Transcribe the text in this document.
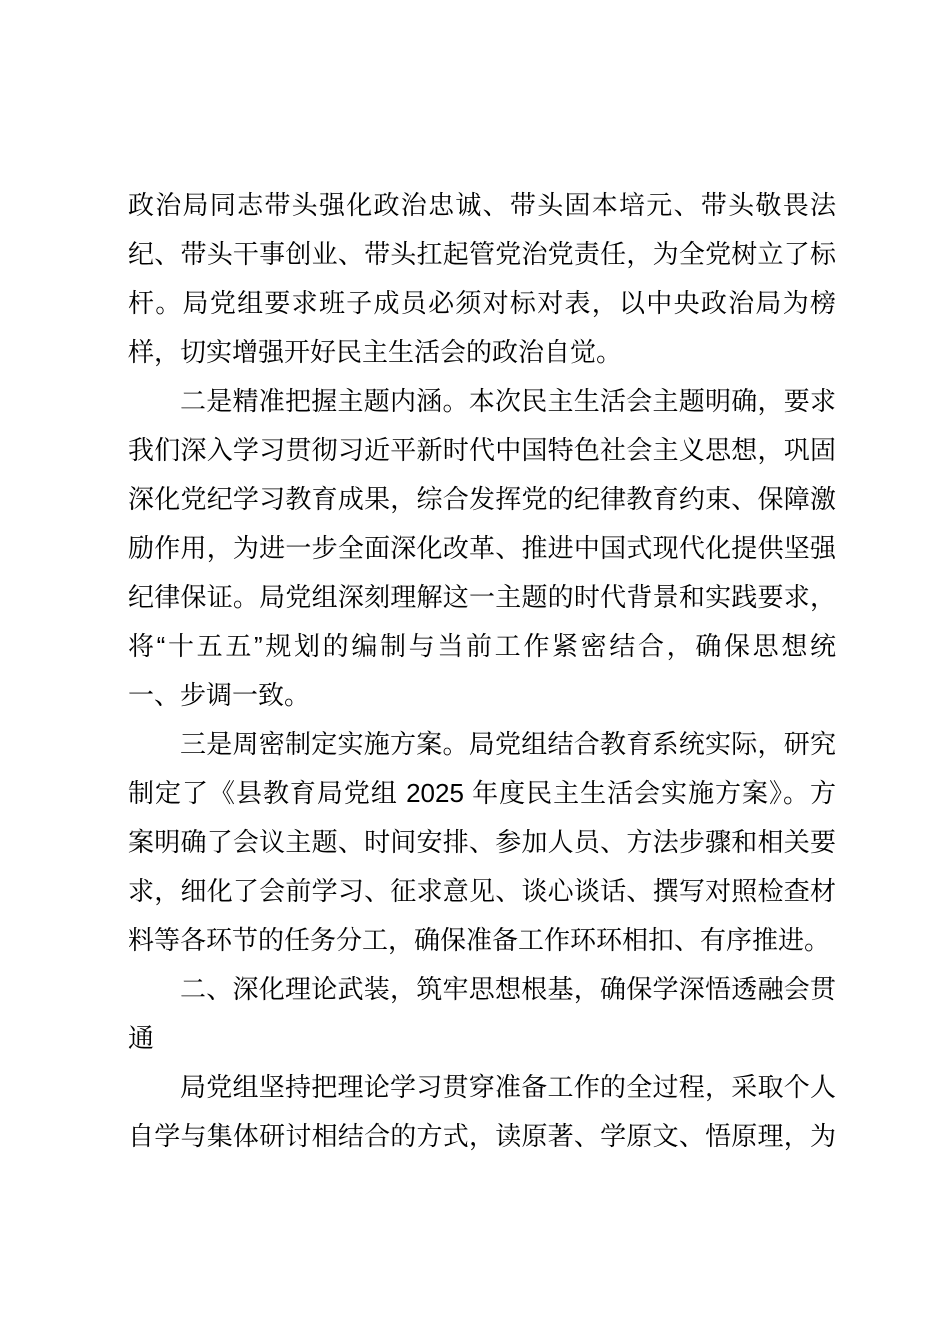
政治局同志带头强化政治忠诚、带头固本培元、带头敬畏法
纪、带头干事创业、带头扛起管党治党责任，为全党树立了标
杆。局党组要求班子成员必须对标对表，以中央政治局为榜
样，切实增强开好民主生活会的政治自觉。
二是精准把握主题内涵。本次民主生活会主题明确，要求
我们深入学习贯彻习近平新时代中国特色社会主义思想，巩固
深化党纪学习教育成果，综合发挥党的纪律教育约束、保障激
励作用，为进一步全面深化改革、推进中国式现代化提供坚强
纪律保证。局党组深刻理解这一主题的时代背景和实践要求，
将“十五五”规划的编制与当前工作紧密结合，确保思想统
一、步调一致。
三是周密制定实施方案。局党组结合教育系统实际，研究
制定了《县教育局党组 2025 年度民主生活会实施方案》。方
案明确了会议主题、时间安排、参加人员、方法步骤和相关要
求，细化了会前学习、征求意见、谈心谈话、撰写对照检查材
料等各环节的任务分工，确保准备工作环环相扣、有序推进。
二、深化理论武装，筑牢思想根基，确保学深悟透融会贯
通
局党组坚持把理论学习贯穿准备工作的全过程，采取个人
自学与集体研讨相结合的方式，读原著、学原文、悟原理，为
